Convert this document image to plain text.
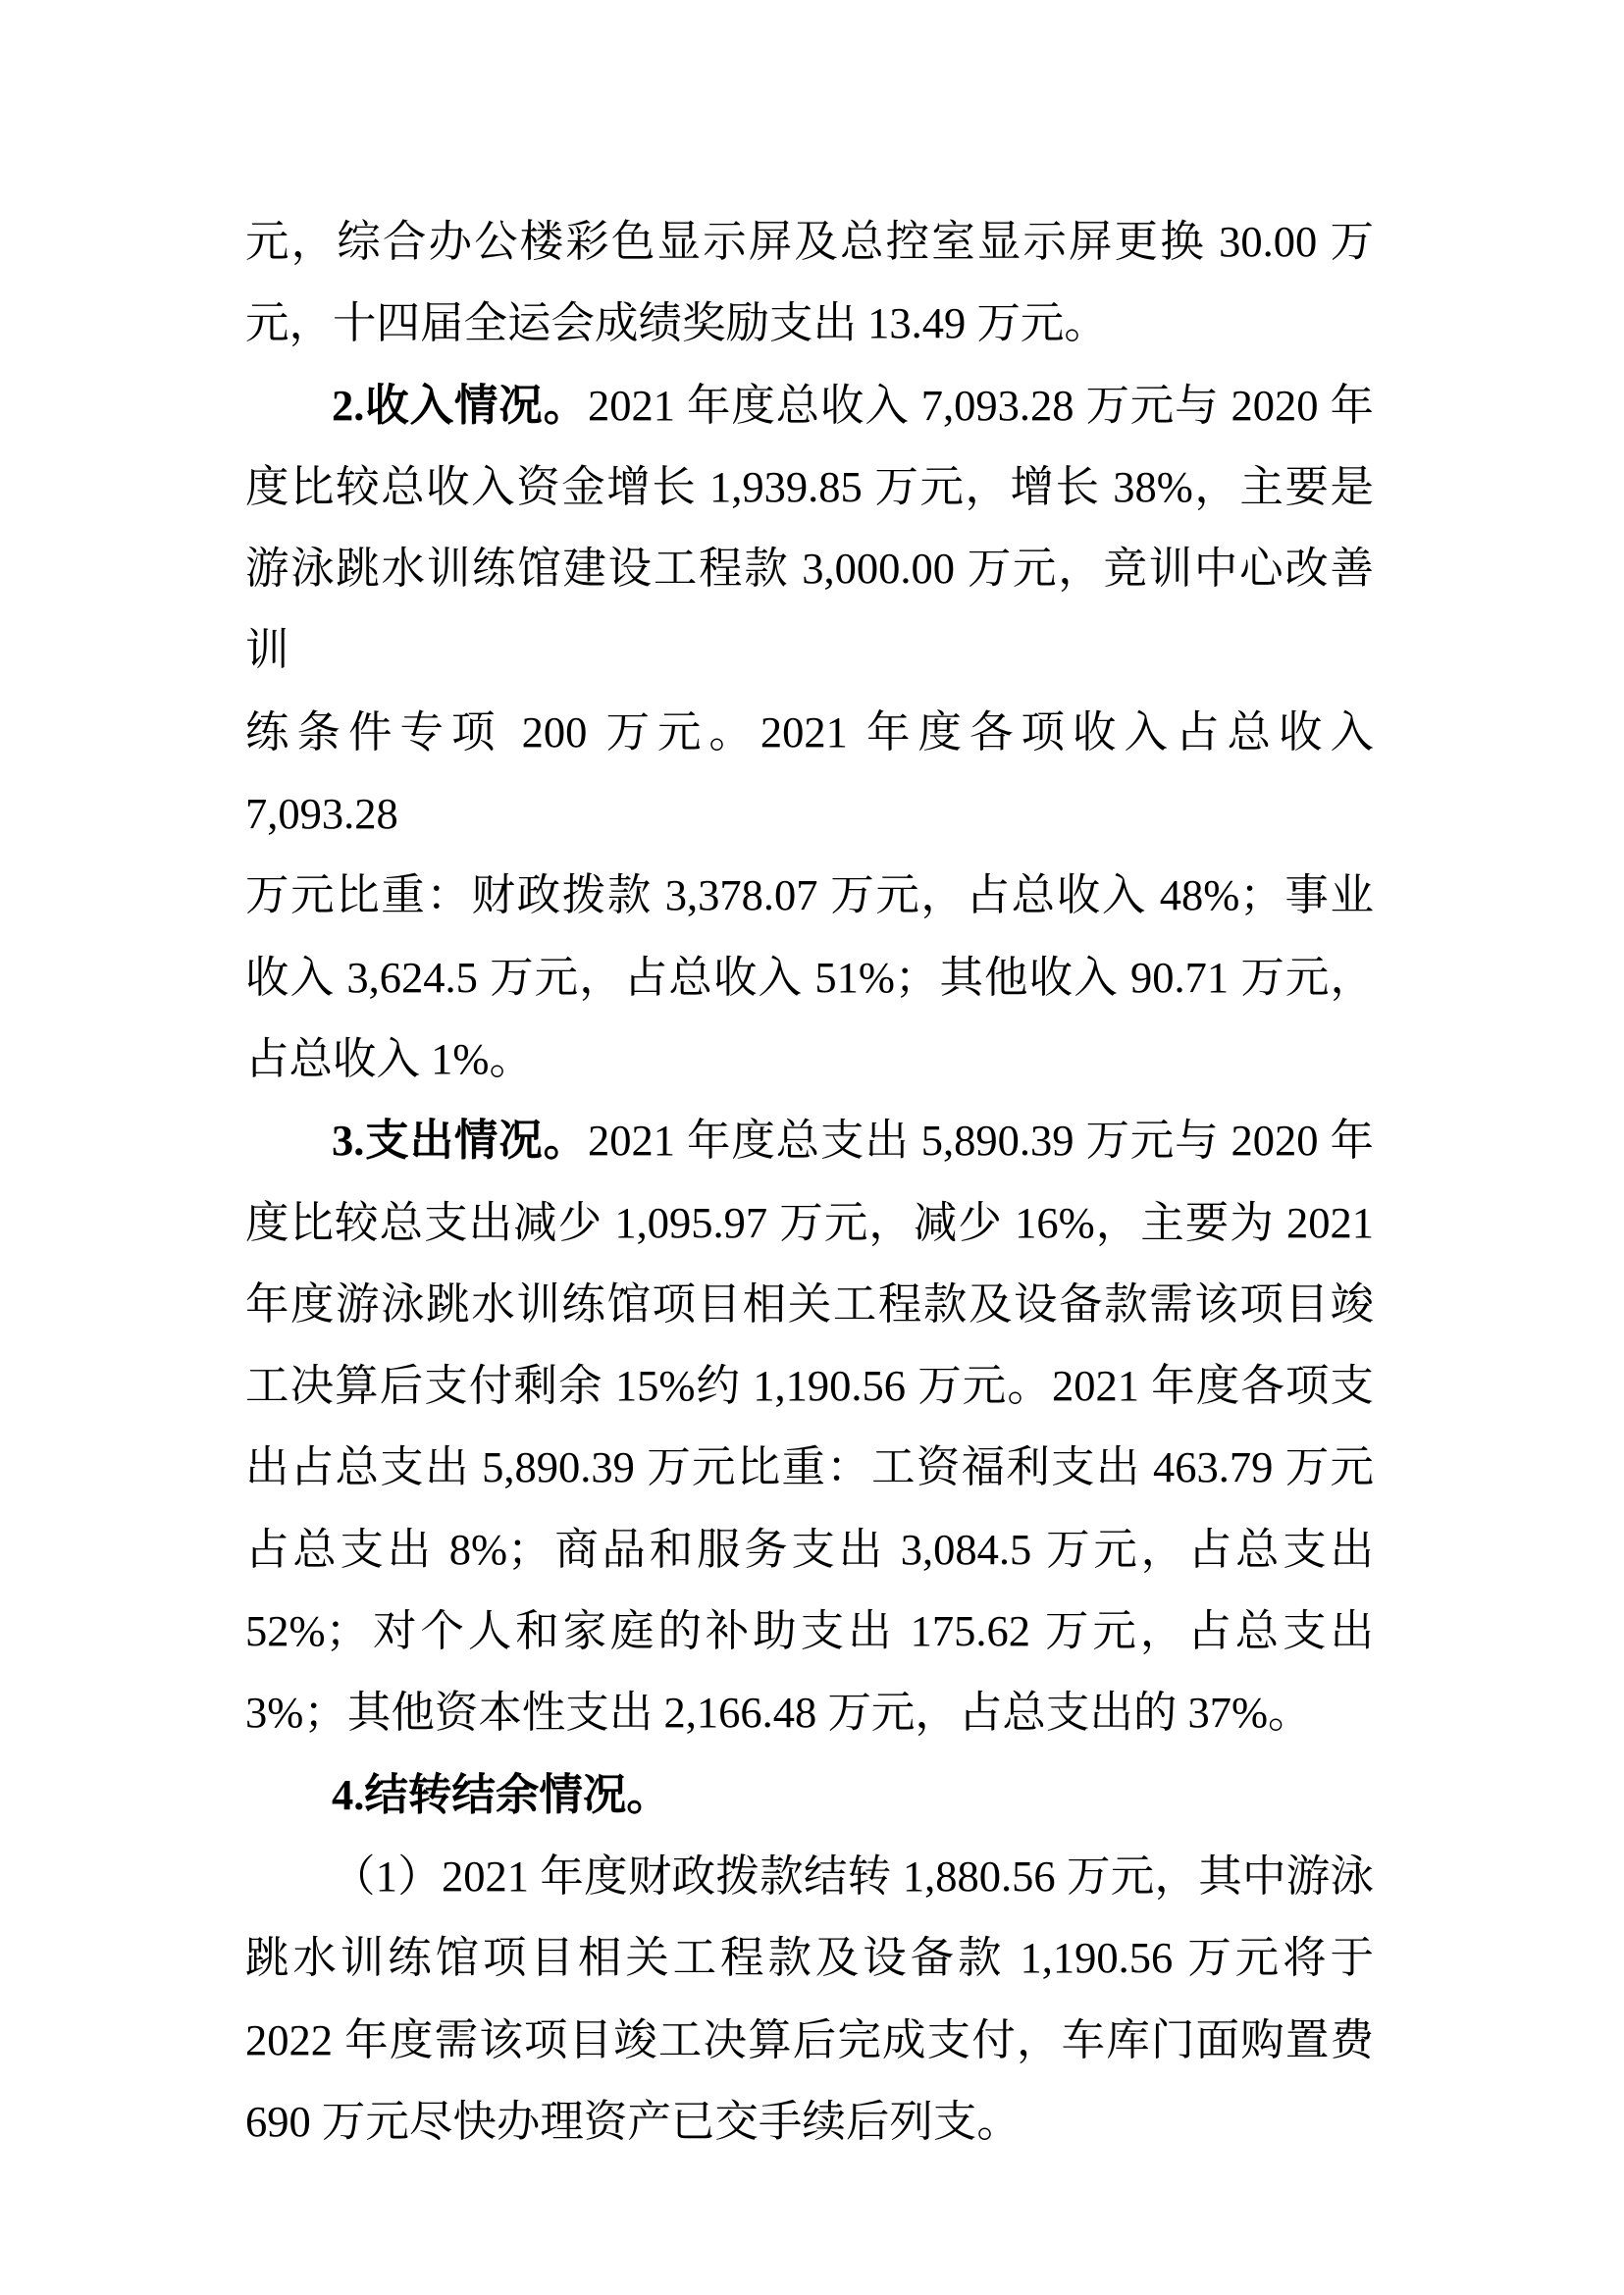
元，综合办公楼彩色显示屏及总控室显示屏更换 30.00 万
元，十四届全运会成绩奖励支出 13.49 万元。
2.收入情况。2021 年度总收入 7,093.28 万元与 2020 年
度比较总收入资金增长 1,939.85 万元，增长 38%，主要是
游泳跳水训练馆建设工程款 3,000.00 万元，竞训中心改善训
练条件专项 200 万元。2021 年度各项收入占总收入 7,093.28
万元比重：财政拨款 3,378.07 万元，占总收入 48%；事业
收入 3,624.5 万元，占总收入 51%；其他收入 90.71 万元，
占总收入 1%。
3.支出情况。2021 年度总支出 5,890.39 万元与 2020 年
度比较总支出减少 1,095.97 万元，减少 16%，主要为 2021
年度游泳跳水训练馆项目相关工程款及设备款需该项目竣
工决算后支付剩余 15%约 1,190.56 万元。2021 年度各项支
出占总支出 5,890.39 万元比重：工资福利支出 463.79 万元
占总支出 8%；商品和服务支出 3,084.5 万元，占总支出
52%；对个人和家庭的补助支出 175.62 万元，占总支出
3%；其他资本性支出 2,166.48 万元，占总支出的 37%。
4.结转结余情况。
（1）2021 年度财政拨款结转 1,880.56 万元，其中游泳
跳水训练馆项目相关工程款及设备款 1,190.56 万元将于
2022 年度需该项目竣工决算后完成支付，车库门面购置费
690 万元尽快办理资产已交手续后列支。
